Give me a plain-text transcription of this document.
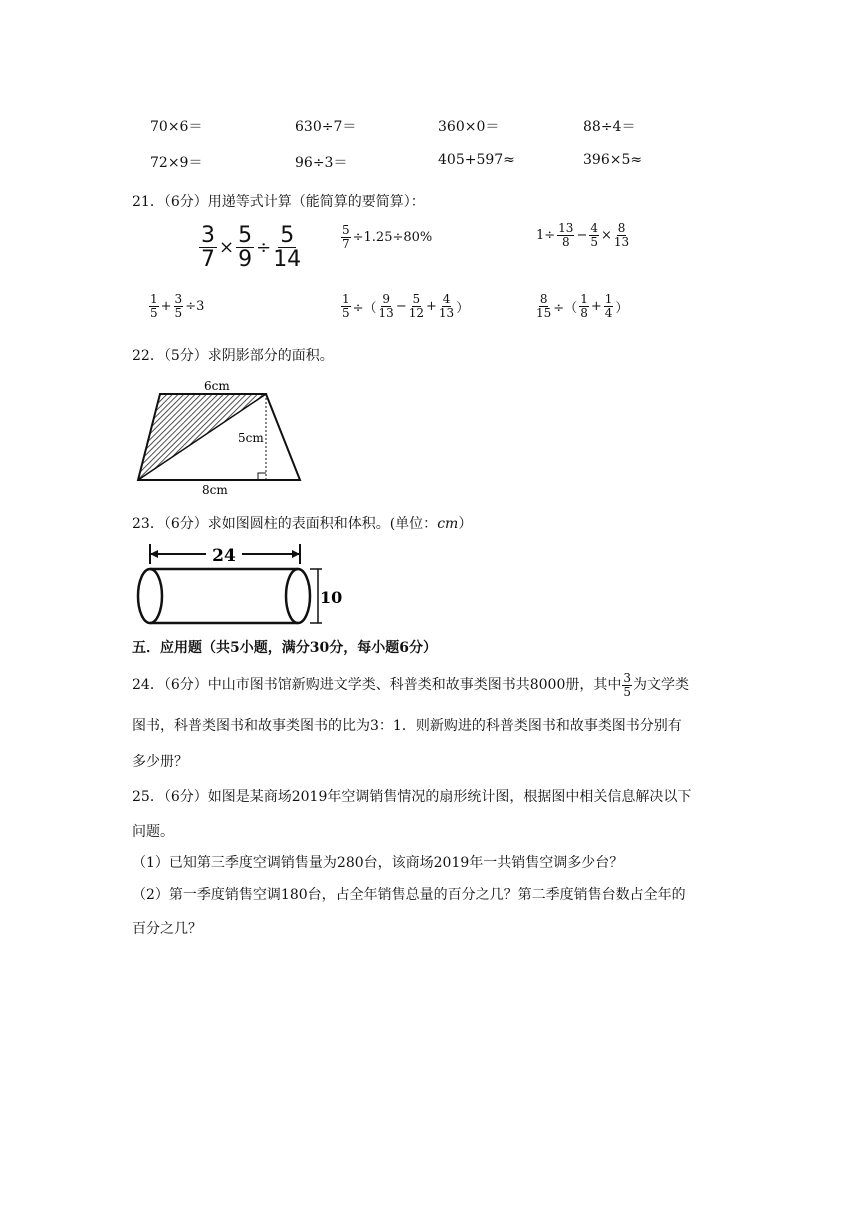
70×6＝	630÷7＝	360×0＝	88÷4＝
72×9＝	96÷3＝	405+597≈	396×5≈
21．（6分）用递等式计算（能简算的要简算）：
$\frac{3}{7} \times \frac{5}{9} \div \frac{5}{14}$	$\frac{5}{7} \div 1.25\div 80\%$	$1\div \frac{13}{8} - \frac{4}{5} \times \frac{8}{13}$
$\frac{1}{5} + \frac{3}{5} \div 3$	$\frac{1}{5}$ ÷（ $\frac{9}{13} - \frac{5}{12} + \frac{4}{13}$ ）	$\frac{8}{15}$ ÷（ $\frac{1}{8} + \frac{1}{4}$ ）
22．（5分）求阴影部分的面积。
6cm
5cm
8cm
23．（6分）求如图圆柱的表面积和体积。(单位：cm）
24
10
五．应用题（共5小题，满分30分，每小题6分）
24．（6分）中山市图书馆新购进文学类、科普类和故事类图书共8000册，其中 $\frac{3}{5}$ 为文学类
图书，科普类图书和故事类图书的比为3：1．则新购进的科普类图书和故事类图书分别有
多少册？
25．（6分）如图是某商场2019年空调销售情况的扇形统计图，根据图中相关信息解决以下
问题。
（1）已知第三季度空调销售量为280台，该商场2019年一共销售空调多少台？
（2）第一季度销售空调180台，占全年销售总量的百分之几？第二季度销售台数占全年的
百分之几？
